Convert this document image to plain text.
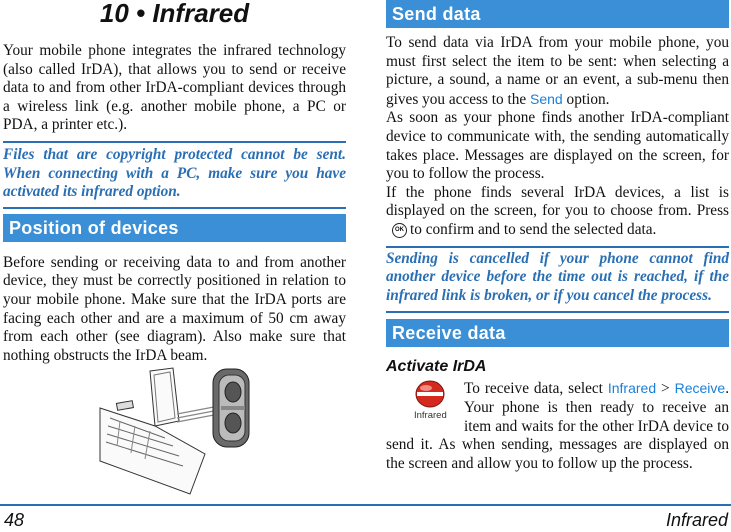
10 • Infrared

Your mobile phone integrates the infrared technology (also called IrDA), that allows you to send or receive data to and from other IrDA-compliant devices through a wireless link (e.g. another mobile phone, a PC or PDA, a printer etc.).

Files that are copyright protected cannot be sent. When connecting with a PC, make sure you have activated its infrared option.

Position of devices

Before sending or receiving data to and from another device, they must be correctly positioned in relation to your mobile phone. Make sure that the IrDA ports are facing each other and are a maximum of 50 cm away from each other (see diagram). Also make sure that nothing obstructs the IrDA beam.

Send data

To send data via IrDA from your mobile phone, you must first select the item to be sent: when selecting a picture, a sound, a name or an event, a sub-menu then gives you access to the Send option.

As soon as your phone finds another IrDA-compliant device to communicate with, the sending automatically takes place. Messages are displayed on the screen, for you to follow the process.

If the phone finds several IrDA devices, a list is displayed on the screen, for you to choose from. PressOK to confirm and to send the selected data.

Sending is cancelled if your phone cannot find another device before the time out is reached, if the infrared link is broken, or if you cancel the process.

Receive data
Activate IrDA
Infrared

To receive data, select Infrared > Receive. Your phone is then ready to receive an item and waits for the other IrDA device to send it. As when sending, messages are displayed on the screen and allow you to follow up the process.

48	Infrared
